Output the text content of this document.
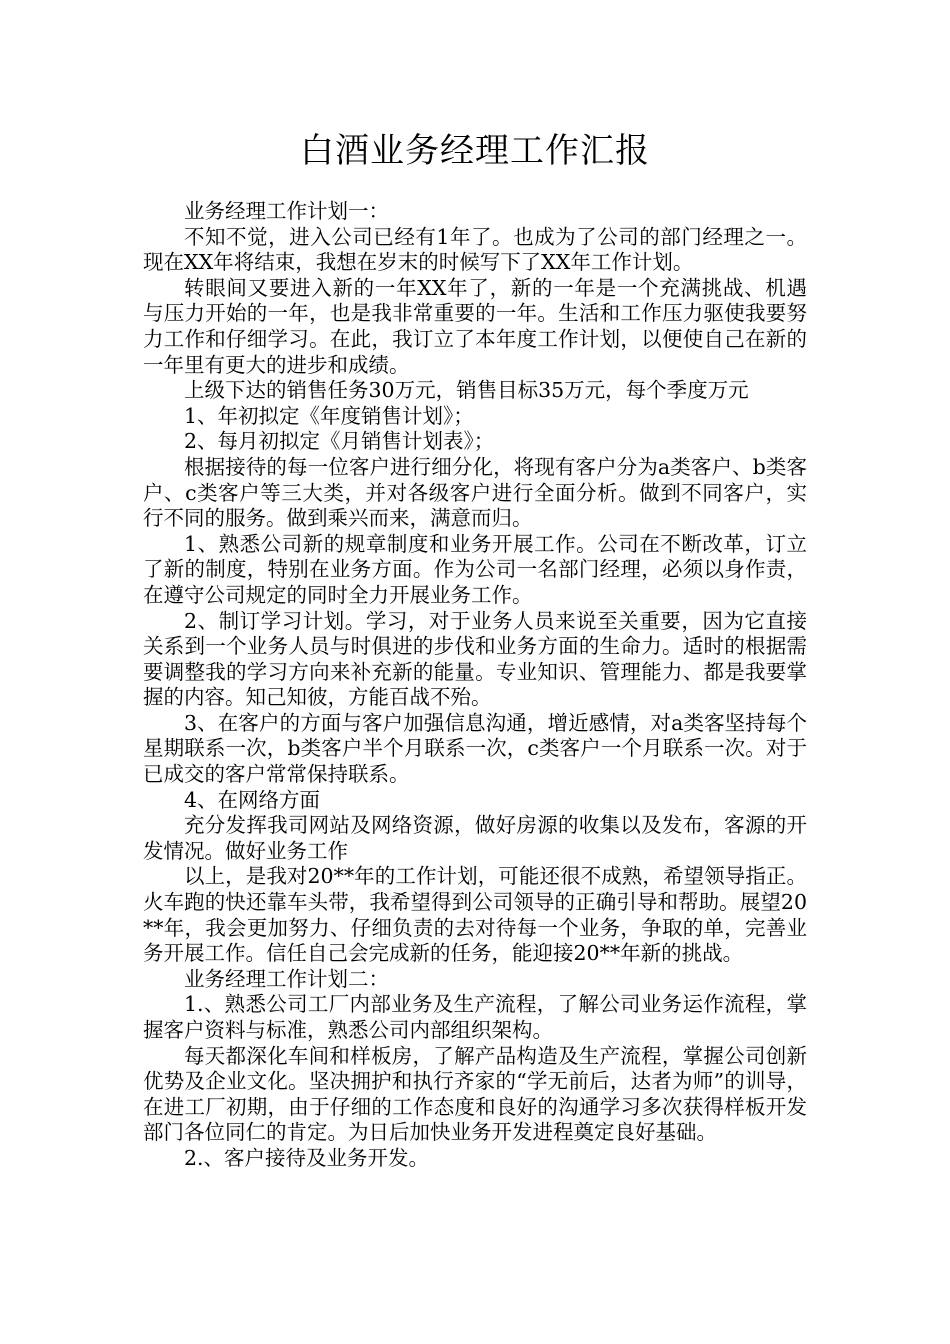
白酒业务经理工作汇报

业务经理工作计划一：

不知不觉，进入公司已经有1年了。也成为了公司的部门经理之一。现在XX年将结束，我想在岁末的时候写下了XX年工作计划。

转眼间又要进入新的一年XX年了，新的一年是一个充满挑战、机遇与压力开始的一年，也是我非常重要的一年。生活和工作压力驱使我要努力工作和仔细学习。在此，我订立了本年度工作计划，以便使自己在新的一年里有更大的进步和成绩。

上级下达的销售任务30万元，销售目标35万元，每个季度万元

1、年初拟定《年度销售计划》；

2、每月初拟定《月销售计划表》；

根据接待的每一位客户进行细分化，将现有客户分为a类客户、b类客户、c类客户等三大类，并对各级客户进行全面分析。做到不同客户，实行不同的服务。做到乘兴而来，满意而归。

1、熟悉公司新的规章制度和业务开展工作。公司在不断改革，订立了新的制度，特别在业务方面。作为公司一名部门经理，必须以身作责，在遵守公司规定的同时全力开展业务工作。

2、制订学习计划。学习，对于业务人员来说至关重要，因为它直接关系到一个业务人员与时俱进的步伐和业务方面的生命力。适时的根据需要调整我的学习方向来补充新的能量。专业知识、管理能力、都是我要掌握的内容。知己知彼，方能百战不殆。

3、在客户的方面与客户加强信息沟通，增近感情，对a类客坚持每个星期联系一次，b类客户半个月联系一次，c类客户一个月联系一次。对于已成交的客户常常保持联系。

4、在网络方面

充分发挥我司网站及网络资源，做好房源的收集以及发布，客源的开发情况。做好业务工作

以上，是我对20**年的工作计划，可能还很不成熟，希望领导指正。火车跑的快还靠车头带，我希望得到公司领导的正确引导和帮助。展望20**年，我会更加努力、仔细负责的去对待每一个业务，争取的单，完善业务开展工作。信任自己会完成新的任务，能迎接20**年新的挑战。

业务经理工作计划二：

1.、熟悉公司工厂内部业务及生产流程，了解公司业务运作流程，掌握客户资料与标准，熟悉公司内部组织架构。

每天都深化车间和样板房，了解产品构造及生产流程，掌握公司创新优势及企业文化。坚决拥护和执行齐家的“学无前后，达者为师”的训导，在进工厂初期，由于仔细的工作态度和良好的沟通学习多次获得样板开发部门各位同仁的肯定。为日后加快业务开发进程奠定良好基础。

2.、客户接待及业务开发。
